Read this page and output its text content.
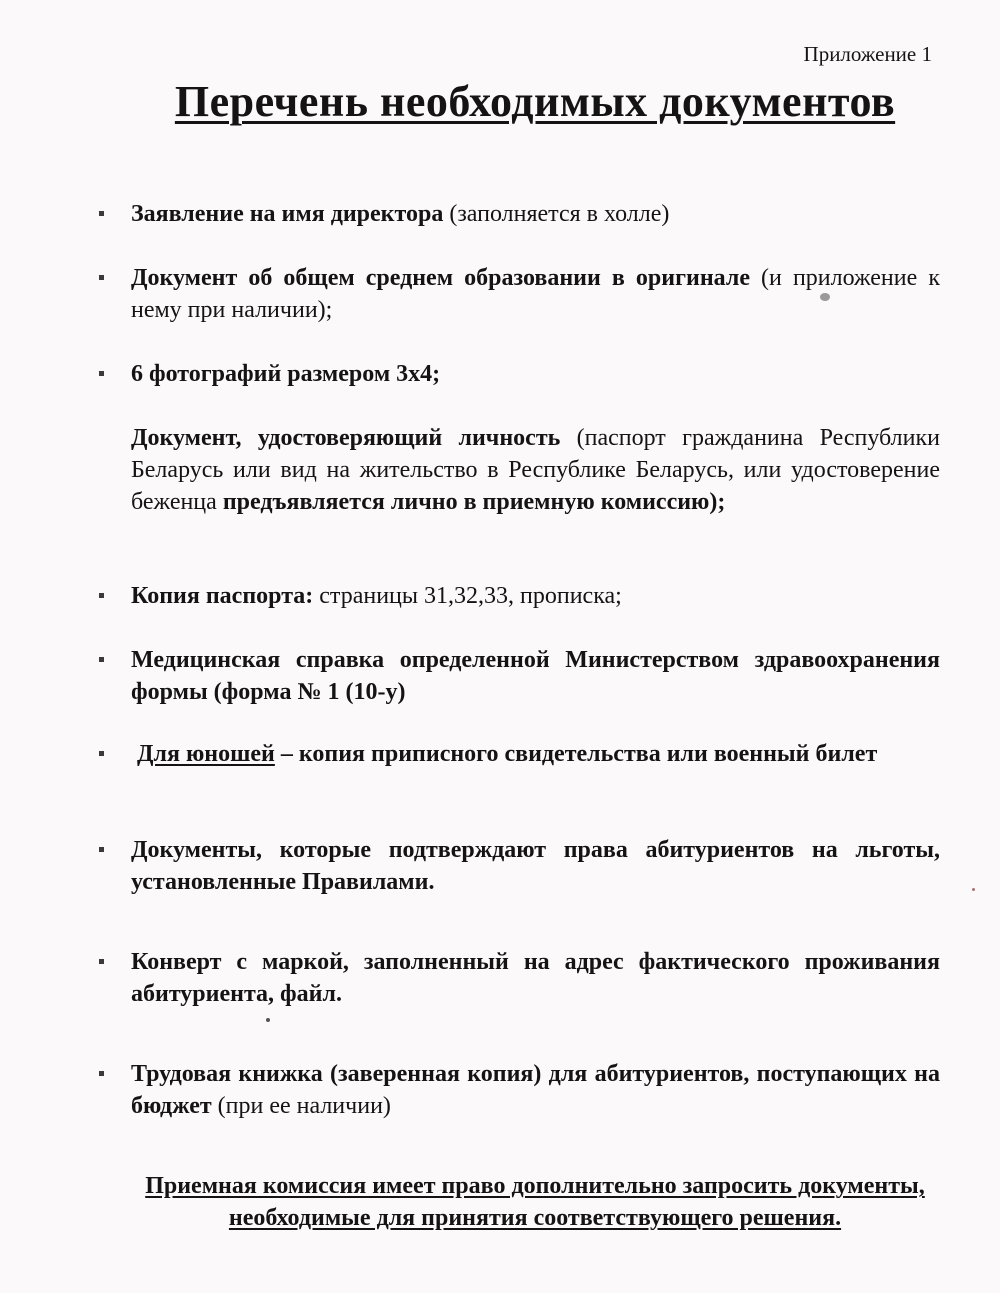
Приложение 1
Перечень необходимых документов
Заявление на имя директора (заполняется в холле)
Документ об общем среднем образовании в оригинале (и приложение к нему при наличии);
6 фотографий размером 3х4;
Документ, удостоверяющий личность (паспорт гражданина Республики Беларусь или вид на жительство в Республике Беларусь, или удостоверение беженца предъявляется лично в приемную комиссию);
Копия паспорта: страницы 31,32,33, прописка;
Медицинская справка определенной Министерством здравоохранения формы (форма № 1 (10-у)
Для юношей – копия приписного свидетельства или военный билет
Документы, которые подтверждают права абитуриентов на льготы, установленные Правилами.
Конверт с маркой, заполненный на адрес фактического проживания абитуриента, файл.
Трудовая книжка (заверенная копия) для абитуриентов, поступающих на бюджет (при ее наличии)
Приемная комиссия имеет право дополнительно запросить документы, необходимые для принятия соответствующего решения.
